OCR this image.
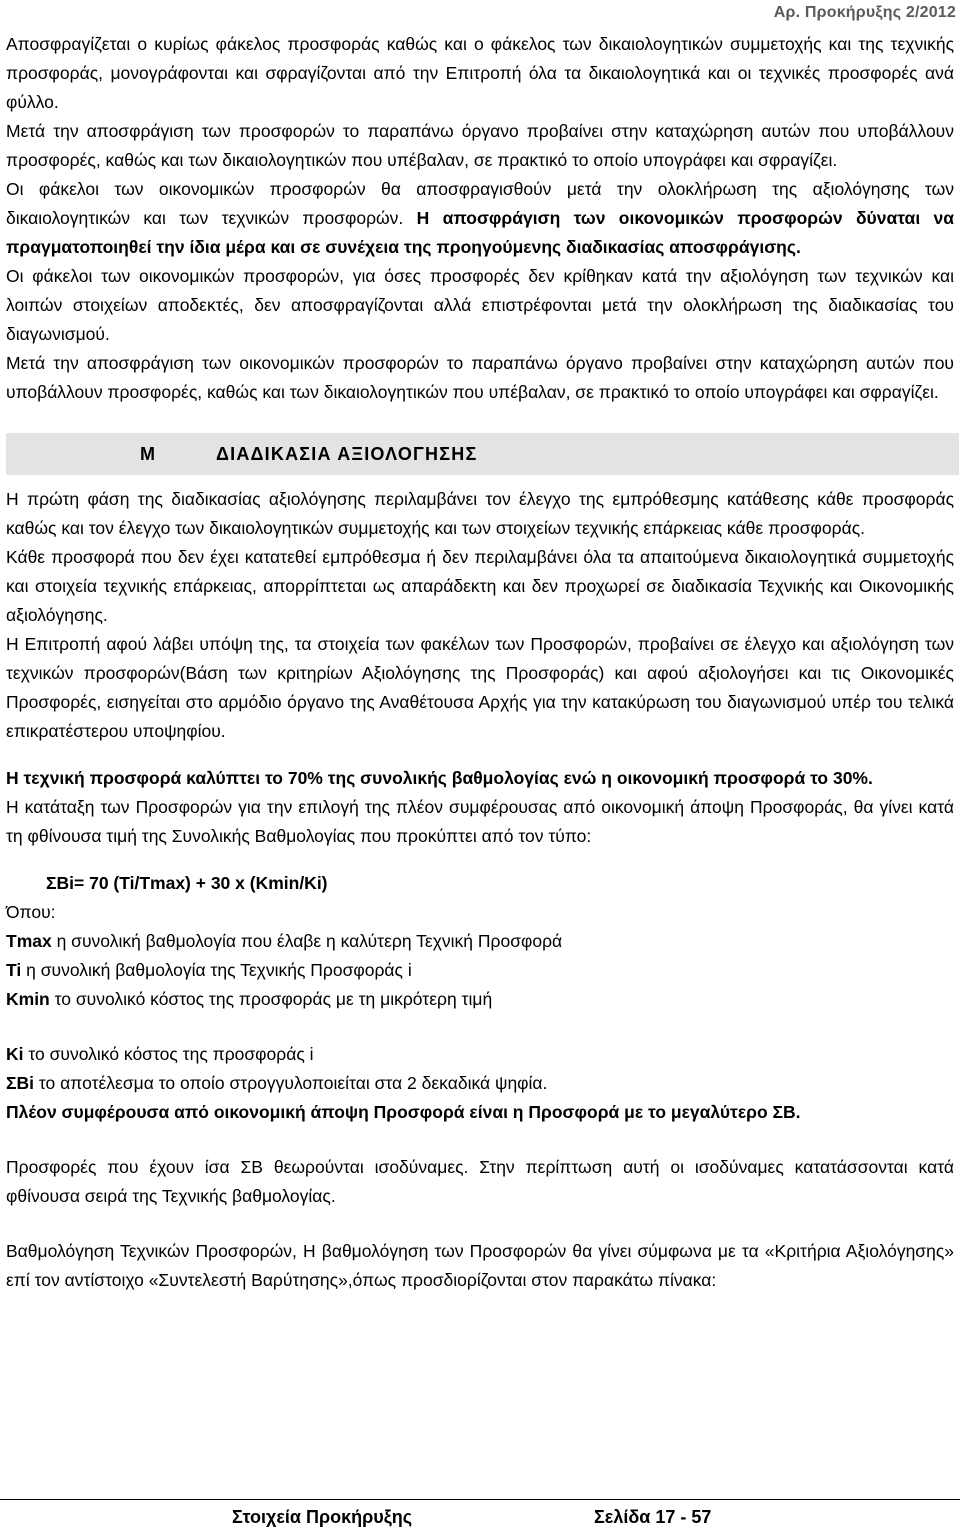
Αρ. Προκήρυξης 2/2012

Αποσφραγίζεται ο κυρίως φάκελος προσφοράς καθώς και ο φάκελος των δικαιολογητικών συμμετοχής και της τεχνικής προσφοράς, μονογράφονται και σφραγίζονται από την Επιτροπή όλα τα δικαιολογητικά και οι τεχνικές προσφορές ανά φύλλο.

Μετά την αποσφράγιση των προσφορών το παραπάνω όργανο προβαίνει στην καταχώρηση αυτών που υποβάλλουν προσφορές, καθώς και των δικαιολογητικών που υπέβαλαν, σε πρακτικό το οποίο υπογράφει και σφραγίζει.

Οι φάκελοι των οικονομικών προσφορών θα αποσφραγισθούν μετά την ολοκλήρωση της αξιολόγησης των δικαιολογητικών και των τεχνικών προσφορών. Η αποσφράγιση των οικονομικών προσφορών δύναται να πραγματοποιηθεί την ίδια μέρα και σε συνέχεια της προηγούμενης διαδικασίας αποσφράγισης.

Οι φάκελοι των οικονομικών προσφορών, για όσες προσφορές δεν κρίθηκαν κατά την αξιολόγηση των τεχνικών και λοιπών στοιχείων αποδεκτές, δεν αποσφραγίζονται αλλά επιστρέφονται μετά την ολοκλήρωση της διαδικασίας του διαγωνισμού.

Μετά την αποσφράγιση των οικονομικών προσφορών το παραπάνω όργανο προβαίνει στην καταχώρηση αυτών που υποβάλλουν προσφορές, καθώς και των δικαιολογητικών που υπέβαλαν, σε πρακτικό το οποίο υπογράφει και σφραγίζει.

Μ	ΔΙΑΔΙΚΑΣΙΑ ΑΞΙΟΛΟΓΗΣΗΣ

Η πρώτη φάση της διαδικασίας αξιολόγησης περιλαμβάνει τον έλεγχο της εμπρόθεσμης κατάθεσης κάθε προσφοράς καθώς και τον έλεγχο των δικαιολογητικών συμμετοχής και των στοιχείων τεχνικής επάρκειας κάθε προσφοράς.

Κάθε προσφορά που δεν έχει κατατεθεί εμπρόθεσμα ή δεν περιλαμβάνει όλα τα απαιτούμενα δικαιολογητικά συμμετοχής και στοιχεία τεχνικής επάρκειας, απορρίπτεται ως απαράδεκτη και δεν προχωρεί σε διαδικασία Τεχνικής και Οικονομικής αξιολόγησης.

Η Επιτροπή αφού λάβει υπόψη της, τα στοιχεία των φακέλων των Προσφορών, προβαίνει σε έλεγχο και αξιολόγηση των τεχνικών προσφορών(Βάση των κριτηρίων Αξιολόγησης της Προσφοράς) και αφού αξιολογήσει και τις Οικονομικές Προσφορές, εισηγείται στο αρμόδιο όργανο της Αναθέτουσα Αρχής για την κατακύρωση του διαγωνισμού υπέρ του τελικά επικρατέστερου υποψηφίου.

Η τεχνική προσφορά καλύπτει το 70% της συνολικής βαθμολογίας ενώ η οικονομική προσφορά το 30%.

Η κατάταξη των Προσφορών για την επιλογή της πλέον συμφέρουσας από οικονομική άποψη Προσφοράς, θα γίνει κατά τη φθίνουσα τιμή της Συνολικής Βαθμολογίας που προκύπτει από τον τύπο:

ΣΒi= 70 (Ti/Tmax) + 30 x (Kmin/Ki)

Όπου:

Tmax η συνολική βαθμολογία που έλαβε η καλύτερη Τεχνική Προσφορά

Ti η συνολική βαθμολογία της Τεχνικής Προσφοράς i

Kmin το συνολικό κόστος της προσφοράς με τη μικρότερη τιμή

Ki το συνολικό κόστος της προσφοράς i

ΣΒi το αποτέλεσμα το οποίο στρογγυλοποιείται στα 2 δεκαδικά ψηφία.

Πλέον συμφέρουσα από οικονομική άποψη Προσφορά είναι η Προσφορά με το μεγαλύτερο ΣΒ.

Προσφορές που έχουν ίσα ΣΒ θεωρούνται ισοδύναμες. Στην περίπτωση αυτή οι ισοδύναμες κατατάσσονται κατά φθίνουσα σειρά της Τεχνικής βαθμολογίας.

Βαθμολόγηση Τεχνικών Προσφορών, Η βαθμολόγηση των Προσφορών θα γίνει σύμφωνα με τα «Κριτήρια Αξιολόγησης» επί τον αντίστοιχο «Συντελεστή Βαρύτησης»,όπως προσδιορίζονται στον παρακάτω πίνακα:

Στοιχεία Προκήρυξης	Σελίδα 17 - 57
